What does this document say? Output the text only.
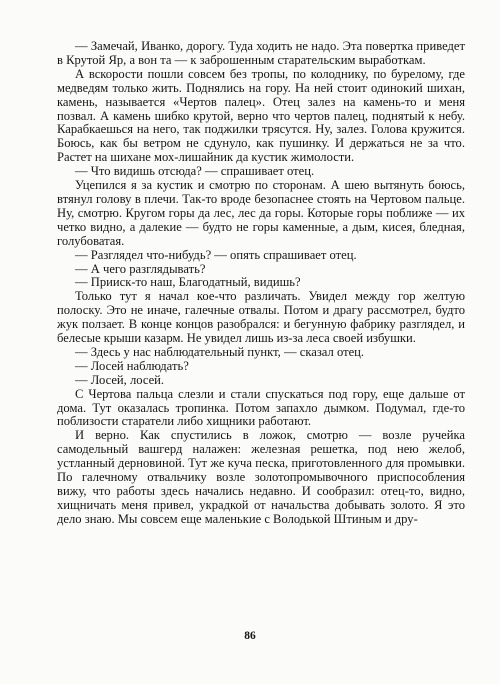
— Замечай, Иванко, дорогу. Туда ходить не надо. Эта повертка приведет в Крутой Яр, а вон та — к заброшенным старательским выработкам.

А вскорости пошли совсем без тропы, по колоднику, по бурелому, где медведям только жить. Поднялись на гору. На ней стоит одинокий шихан, камень, называется «Чертов палец». Отец залез на камень-то и меня позвал. А камень шибко крутой, верно что чертов палец, поднятый к небу. Карабкаешься на него, так поджилки трясутся. Ну, залез. Голова кружится. Боюсь, как бы ветром не сдунуло, как пушинку. И держаться не за что. Растет на шихане мох-лишайник да кустик жимолости.

— Что видишь отсюда? — спрашивает отец.

Уцепился я за кустик и смотрю по сторонам. А шею вытянуть боюсь, втянул голову в плечи. Так-то вроде безопаснее стоять на Чертовом пальце. Ну, смотрю. Кругом горы да лес, лес да горы. Которые горы поближе — их четко видно, а далекие — будто не горы каменные, а дым, кисея, бледная, голубоватая.

— Разглядел что-нибудь? — опять спрашивает отец.

— А чего разглядывать?

— Прииск-то наш, Благодатный, видишь?

Только тут я начал кое-что различать. Увидел между гор желтую полоску. Это не иначе, галечные отвалы. Потом и драгу рассмотрел, будто жук ползает. В конце концов разобрался: и бегунную фабрику разглядел, и белесые крыши казарм. Не увидел лишь из-за леса своей избушки.

— Здесь у нас наблюдательный пункт, — сказал отец.

— Лосей наблюдать?

— Лосей, лосей.

С Чертова пальца слезли и стали спускаться под гору, еще дальше от дома. Тут оказалась тропинка. Потом запахло дымком. Подумал, где-то поблизости старатели либо хищники работают.

И верно. Как спустились в ложок, смотрю — возле ручейка самодельный вашгерд налажен: железная решетка, под нею желоб, устланный дерновиной. Тут же куча песка, приготовленного для промывки. По галечному отвальчику возле золотопромывочного приспособления вижу, что работы здесь начались недавно. И сообразил: отец-то, видно, хищничать меня привел, украдкой от начальства добывать золото. Я это дело знаю. Мы совсем еще маленькие с Володькой Штиным и дру-

86
